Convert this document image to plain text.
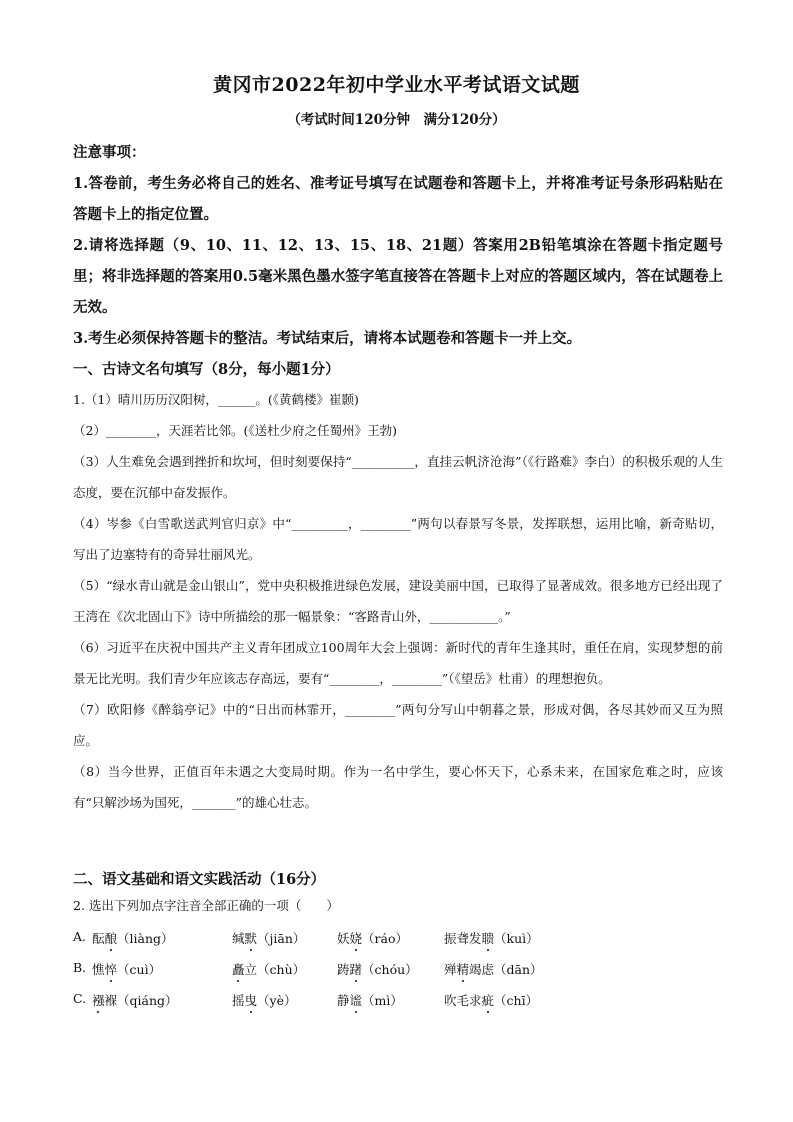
黄冈市2022年初中学业水平考试语文试题
（考试时间120分钟　满分120分）

注意事项：

1.答卷前，考生务必将自己的姓名、准考证号填写在试题卷和答题卡上，并将准考证号条形码粘贴在答题卡上的指定位置。

2.请将选择题（9、10、11、12、13、15、18、21题）答案用2B铅笔填涂在答题卡指定题号里；将非选择题的答案用0.5毫米黑色墨水签字笔直接答在答题卡上对应的答题区域内，答在试题卷上无效。

3.考生必须保持答题卡的整洁。考试结束后，请将本试题卷和答题卡一并上交。

一、古诗文名句填写（8分，每小题1分）

1.（1）晴川历历汉阳树，______。(《黄鹤楼》崔颢)

（2）________，天涯若比邻。(《送杜少府之任蜀州》王勃)

（3）人生难免会遇到挫折和坎坷，但时刻要保持“__________，直挂云帆济沧海”（《行路难》李白）的积极乐观的人生态度，要在沉郁中奋发振作。

（4）岑参《白雪歌送武判官归京》中“_________，________”两句以春景写冬景，发挥联想，运用比喻，新奇贴切，写出了边塞特有的奇异壮丽风光。

（5）“绿水青山就是金山银山”，党中央积极推进绿色发展，建设美丽中国，已取得了显著成效。很多地方已经出现了王湾在《次北固山下》诗中所描绘的那一幅景象：“客路青山外，___________。”

（6）习近平在庆祝中国共产主义青年团成立100周年大会上强调：新时代的青年生逢其时，重任在肩，实现梦想的前景无比光明。我们青少年应该志存高远，要有“________，________”（《望岳》杜甫）的理想抱负。

（7）欧阳修《醉翁亭记》中的“日出而林霏开，________”两句分写山中朝暮之景，形成对偶，各尽其妙而又互为照应。

（8）当今世界，正值百年未遇之大变局时期。作为一名中学生，要心怀天下，心系未来，在国家危难之时，应该有“只解沙场为国死，_______”的雄心壮志。

二、语文基础和语文实践活动（16分）
2. 选出下列加点字注音全部正确的一项（　　）
A. 酝酿（liàng）	缄默（jiān）	妖娆（ráo）	振聋发聩（kuì）
B. 憔悴（cuì）	矗立（chù）	踌躇（chóu） 殚精竭虑（dān）
C. 襁褓（qiáng）	摇曳（yè）	静谧（mì）	吹毛求疵（chī）
